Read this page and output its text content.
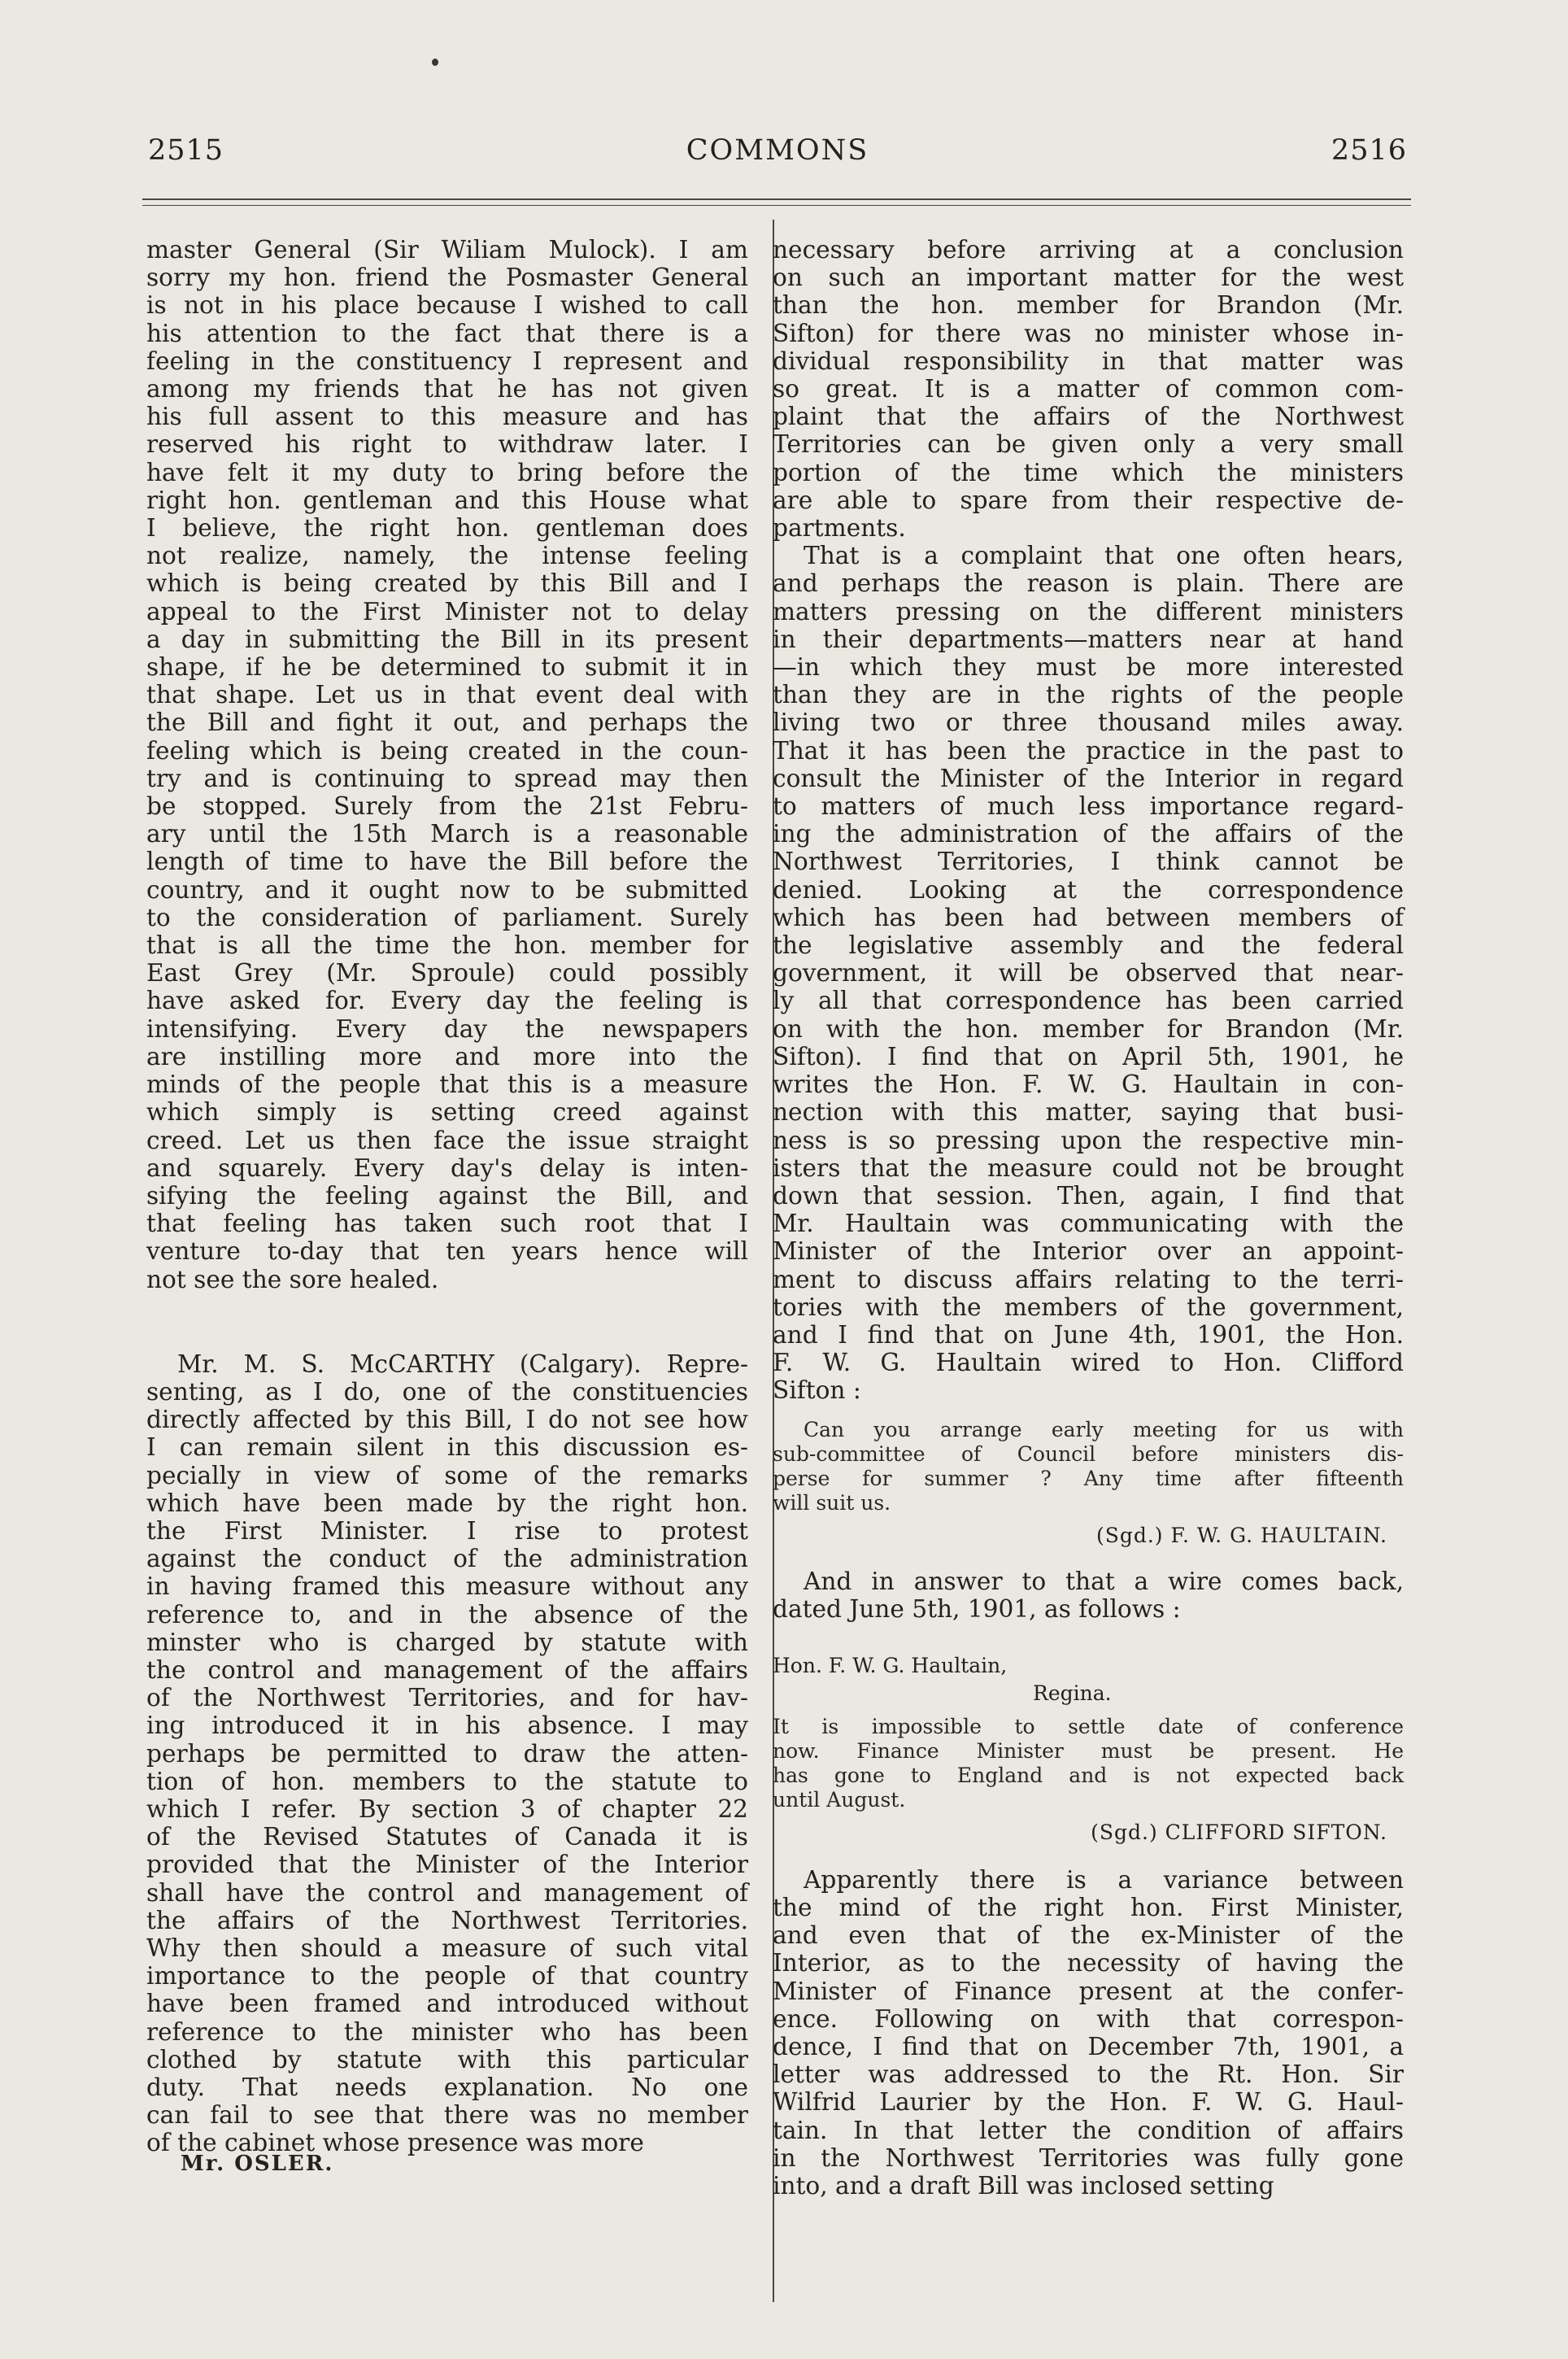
2515	COMMONS	2516

master General (Sir Wiliam Mulock). I am
sorry my hon. friend the Posmaster General
is not in his place because I wished to call
his attention to the fact that there is a
feeling in the constituency I represent and
among my friends that he has not given
his full assent to this measure and has
reserved his right to withdraw later. I
have felt it my duty to bring before the
right hon. gentleman and this House what
I believe, the right hon. gentleman does
not realize, namely, the intense feeling
which is being created by this Bill and I
appeal to the First Minister not to delay
a day in submitting the Bill in its present
shape, if he be determined to submit it in
that shape. Let us in that event deal with
the Bill and fight it out, and perhaps the
feeling which is being created in the coun-
try and is continuing to spread may then
be stopped. Surely from the 21st Febru-
ary until the 15th March is a reasonable
length of time to have the Bill before the
country, and it ought now to be submitted
to the consideration of parliament. Surely
that is all the time the hon. member for
East Grey (Mr. Sproule) could possibly
have asked for. Every day the feeling is
intensifying. Every day the newspapers
are instilling more and more into the
minds of the people that this is a measure
which simply is setting creed against
creed. Let us then face the issue straight
and squarely. Every day's delay is inten-
sifying the feeling against the Bill, and
that feeling has taken such root that I
venture to-day that ten years hence will
not see the sore healed.

Mr. M. S. McCARTHY (Calgary). Repre-
senting, as I do, one of the constituencies
directly affected by this Bill, I do not see how
I can remain silent in this discussion es-
pecially in view of some of the remarks
which have been made by the right hon.
the First Minister. I rise to protest
against the conduct of the administration
in having framed this measure without any
reference to, and in the absence of the
minster who is charged by statute with
the control and management of the affairs
of the Northwest Territories, and for hav-
ing introduced it in his absence. I may
perhaps be permitted to draw the atten-
tion of hon. members to the statute to
which I refer. By section 3 of chapter 22
of the Revised Statutes of Canada it is
provided that the Minister of the Interior
shall have the control and management of
the affairs of the Northwest Territories.
Why then should a measure of such vital
importance to the people of that country
have been framed and introduced without
reference to the minister who has been
clothed by statute with this particular
duty. That needs explanation. No one
can fail to see that there was no member
of the cabinet whose presence was more

Mr. OSLER.

necessary before arriving at a conclusion
on such an important matter for the west
than the hon. member for Brandon (Mr.
Sifton) for there was no minister whose in-
dividual responsibility in that matter was
so great. It is a matter of common com-
plaint that the affairs of the Northwest
Territories can be given only a very small
portion of the time which the ministers
are able to spare from their respective de-
partments.

That is a complaint that one often hears,
and perhaps the reason is plain. There are
matters pressing on the different ministers
in their departments—matters near at hand
—in which they must be more interested
than they are in the rights of the people
living two or three thousand miles away.
That it has been the practice in the past to
consult the Minister of the Interior in regard
to matters of much less importance regard-
ing the administration of the affairs of the
Northwest Territories, I think cannot be
denied. Looking at the correspondence
which has been had between members of
the legislative assembly and the federal
government, it will be observed that near-
ly all that correspondence has been carried
on with the hon. member for Brandon (Mr.
Sifton). I find that on April 5th, 1901, he
writes the Hon. F. W. G. Haultain in con-
nection with this matter, saying that busi-
ness is so pressing upon the respective min-
isters that the measure could not be brought
down that session. Then, again, I find that
Mr. Haultain was communicating with the
Minister of the Interior over an appoint-
ment to discuss affairs relating to the terri-
tories with the members of the government,
and I find that on June 4th, 1901, the Hon.
F. W. G. Haultain wired to Hon. Clifford
Sifton :

Can you arrange early meeting for us with
sub-committee of Council before ministers dis-
perse for summer ? Any time after fifteenth
will suit us.

(Sgd.) F. W. G. HAULTAIN.

And in answer to that a wire comes back,
dated June 5th, 1901, as follows :

Hon. F. W. G. Haultain,
Regina.

It is impossible to settle date of conference
now. Finance Minister must be present. He
has gone to England and is not expected back
until August.

(Sgd.) CLIFFORD SIFTON.

Apparently there is a variance between
the mind of the right hon. First Minister,
and even that of the ex-Minister of the
Interior, as to the necessity of having the
Minister of Finance present at the confer-
ence. Following on with that correspon-
dence, I find that on December 7th, 1901, a
letter was addressed to the Rt. Hon. Sir
Wilfrid Laurier by the Hon. F. W. G. Haul-
tain. In that letter the condition of affairs
in the Northwest Territories was fully gone
into, and a draft Bill was inclosed setting
